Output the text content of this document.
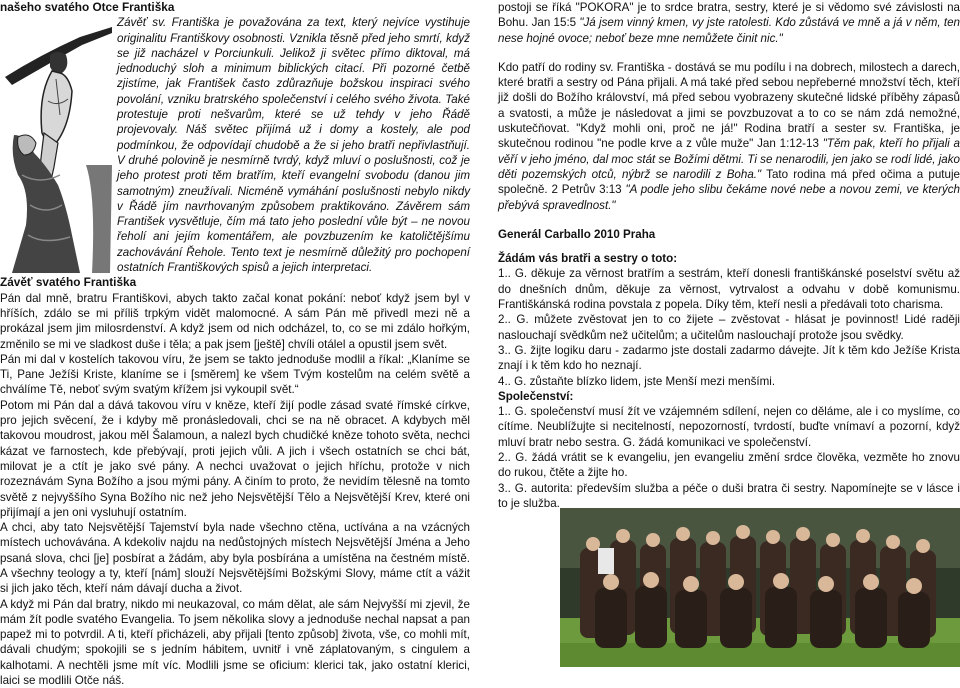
našeho svatého Otce Františka

Závěť sv. Františka je považována za text, který nejvíce vystihuje originalitu Františkovy osobnosti. Vznikla těsně před jeho smrtí, když se již nacházel v Porciunkuli. Jelikož ji světec přímo diktoval, má jednoduchý sloh a minimum biblických citací. Při pozorné četbě zjistíme, jak František často zdůrazňuje božskou inspiraci svého povolání, vzniku bratrského společenství i celého svého života. Také protestuje proti nešvarům, které se už tehdy v jeho Řádě projevovaly. Náš světec přijímá už i domy a kostely, ale pod podmínkou, že odpovídají chudobě a že si jeho bratři nepřivlastňují. V druhé polovině je nesmírně tvrdý, když mluví o poslušnosti, což je jeho protest proti těm bratřím, kteří evangelní svobodu (danou jim samotným) zneužívali. Nicméně vymáhání poslušnosti nebylo nikdy v Řádě jím navrhovaným způsobem praktikováno. Závěrem sám František vysvětluje, čím má tato jeho poslední vůle být – ne novou řeholí ani jejím komentářem, ale povzbuzením ke katoličtějšímu zachovávání Řehole. Tento text je nesmírně důležitý pro pochopení ostatních Františkových spisů a jejich interpretaci.

Závěť svatého Františka

Pán dal mně, bratru Františkovi, abych takto začal konat pokání: neboť když jsem byl v hříších, zdálo se mi příliš trpkým vidět malomocné. A sám Pán mě přivedl mezi ně a prokázal jsem jim milosrdenství. A když jsem od nich odcházel, to, co se mi zdálo hořkým, změnilo se mi ve sladkost duše i těla; a pak jsem [ještě] chvíli otálel a opustil jsem svět.

Pán mi dal v kostelích takovou víru, že jsem se takto jednoduše modlil a říkal: „Klaníme se Ti, Pane Ježíši Kriste, klaníme se i [směrem] ke všem Tvým kostelům na celém světě a chválíme Tě, neboť svým svatým křížem jsi vykoupil svět.“

Potom mi Pán dal a dává takovou víru v kněze, kteří žijí podle zásad svaté římské církve, pro jejich svěcení, že i kdyby mě pronásledovali, chci se na ně obracet. A kdybych měl takovou moudrost, jakou měl Šalamoun, a nalezl bych chudičké kněze tohoto světa, nechci kázat ve farnostech, kde přebývají, proti jejich vůli. A jich i všech ostatních se chci bát, milovat je a ctít je jako své pány. A nechci uvažovat o jejich hříchu, protože v nich rozeznávám Syna Božího a jsou mými pány. A činím to proto, že nevidím tělesně na tomto světě z nejvyššího Syna Božího nic než jeho Nejsvětější Tělo a Nejsvětější Krev, které oni přijímají a jen oni vysluhují ostatním.

A chci, aby tato Nejsvětější Tajemství byla nade všechno ctěna, uctívána a na vzácných místech uchovávána. A kdekoliv najdu na nedůstojných místech Nejsvětější Jména a Jeho psaná slova, chci [je] posbírat a žádám, aby byla posbírána a umístěna na čestném místě. A všechny teology a ty, kteří [nám] slouží Nejsvětějšími Božskými Slovy, máme ctít a vážit si jich jako těch, kteří nám dávají ducha a život.

A když mi Pán dal bratry, nikdo mi neukazoval, co mám dělat, ale sám Nejvyšší mi zjevil, že mám žít podle svatého Evangelia. To jsem několika slovy a jednoduše nechal napsat a pan papež mi to potvrdil. A ti, kteří přicházeli, aby přijali [tento způsob] života, vše, co mohli mít, dávali chudým; spokojili se s jedním hábitem, uvnitř i vně záplatovaným, s cingulem a kalhotami. A nechtěli jsme mít víc. Modlili jsme se oficium: klerici tak, jako ostatní klerici, laici se modlili Otče náš.

postoji se říká "POKORA" je to srdce bratra, sestry, které je si vědomo své závislosti na Bohu. Jan 15:5 "Já jsem vinný kmen, vy jste ratolesti. Kdo zůstává ve mně a já v něm, ten nese hojné ovoce; neboť beze mne nemůžete činit nic."

Kdo patří do rodiny sv. Františka - dostává se mu podílu i na dobrech, milostech a darech, které bratři a sestry od Pána přijali. A má také před sebou nepřeberné množství těch, kteří již došli do Božího království, má před sebou vyobrazeny skutečné lidské příběhy zápasů a svatosti, a může je následovat a jimi se povzbuzovat a to co se nám zdá nemožné, uskutečňovat. "Když mohli oni, proč ne já!" Rodina bratří a sester sv. Františka, je skutečnou rodinou "ne podle krve a z vůle muže" Jan 1:12-13 "Těm pak, kteří ho přijali a věří v jeho jméno, dal moc stát se Božími dětmi. Ti se nenarodili, jen jako se rodí lidé, jako děti pozemských otců, nýbrž se narodili z Boha." Tato rodina má před očima a putuje společně. 2 Petrův 3:13 "A podle jeho slibu čekáme nové nebe a novou zemi, ve kterých přebývá spravedlnost."

Generál Carballo 2010 Praha

Žádám vás bratři a sestry o toto:

1.. G. děkuje za věrnost bratřím a sestrám, kteří donesli františkánské poselství světu až do dnešních dnům, děkuje za věrnost, vytrvalost a odvahu v době komunismu. Františkánská rodina povstala z popela. Díky těm, kteří nesli a předávali toto charisma.

2.. G. můžete zvěstovat jen to co žijete – zvěstovat - hlásat je povinnost! Lidé raději naslouchají svědkům než učitelům; a učitelům naslouchají protože jsou svědky.

3.. G. žijte logiku daru - zadarmo jste dostali zadarmo dávejte. Jít k těm kdo Ježíše Krista znají i k těm kdo ho neznají.

4.. G. zůstaňte blízko lidem, jste Menší mezi menšími.

Společenství:

1.. G. společenství musí žít ve vzájemném sdílení, nejen co děláme, ale i co myslíme, co cítíme. Neublížujte si necitelností, nepozorností, tvrdostí, buďte vnímaví a pozorní, když mluví bratr nebo sestra. G. žádá komunikaci ve společenství.

2.. G. žádá vrátit se k evangeliu, jen evangeliu změní srdce člověka, vezměte ho znovu do rukou, čtěte a žijte ho.

3.. G. autorita: především služba a péče o duši bratra či sestry. Napomínejte se v lásce i to je služba.
